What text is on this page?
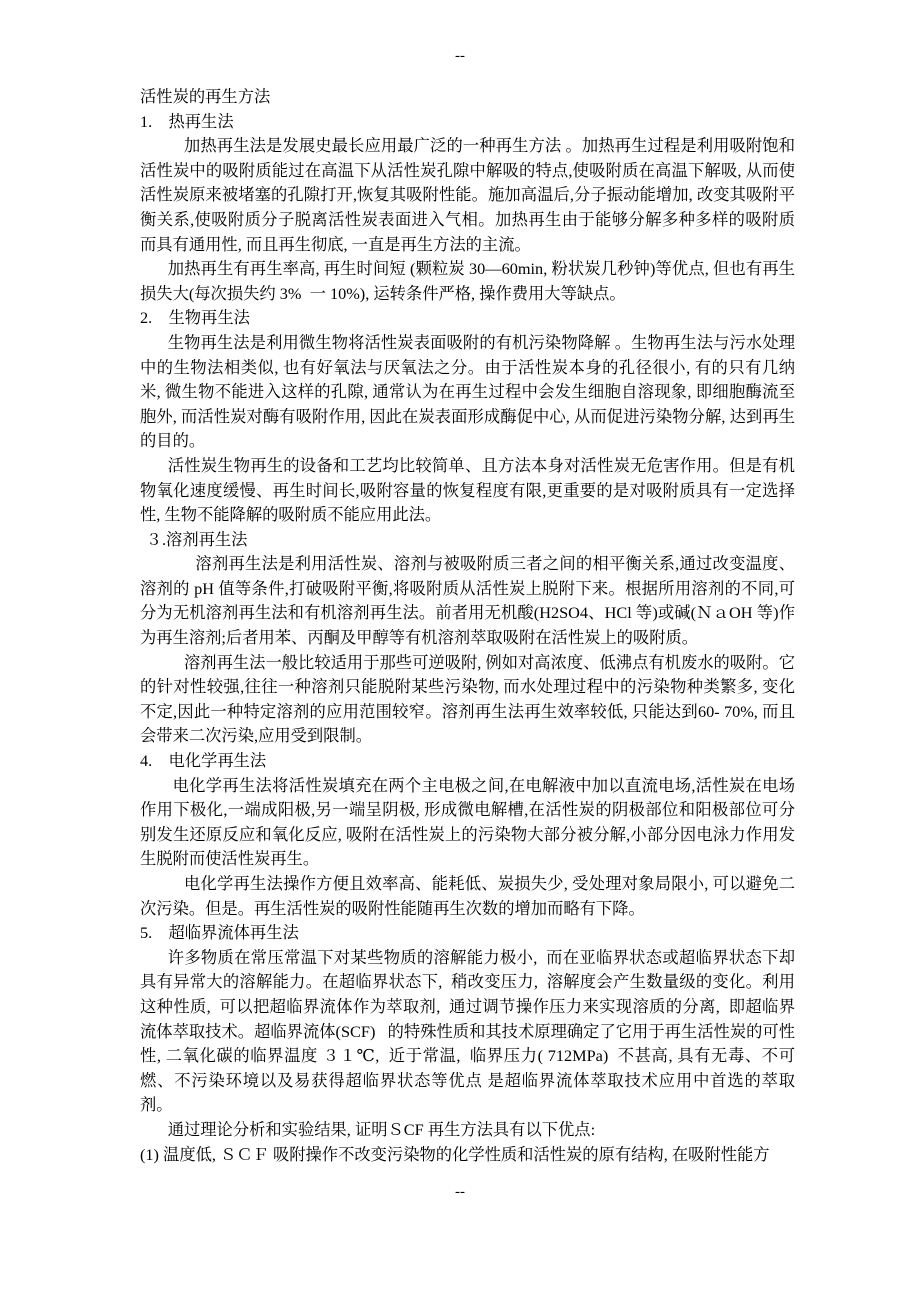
--

活性炭的再生方法

1.　热再生法

加热再生法是发展史最长应用最广泛的一种再生方法 。加热再生过程是利用吸附饱和活性炭中的吸附质能过在高温下从活性炭孔隙中解吸的特点,使吸附质在高温下解吸, 从而使活性炭原来被堵塞的孔隙打开,恢复其吸附性能。施加高温后,分子振动能增加, 改变其吸附平衡关系,使吸附质分子脱离活性炭表面进入气相。加热再生由于能够分解多种多样的吸附质而具有通用性, 而且再生彻底, 一直是再生方法的主流。

加热再生有再生率高, 再生时间短 (颗粒炭 30—60min, 粉状炭几秒钟)等优点, 但也有再生损失大(每次损失约 3%  一 10%), 运转条件严格, 操作费用大等缺点。

2.　生物再生法

生物再生法是利用微生物将活性炭表面吸附的有机污染物降解 。生物再生法与污水处理中的生物法相类似, 也有好氧法与厌氧法之分。由于活性炭本身的孔径很小, 有的只有几纳米, 微生物不能进入这样的孔隙, 通常认为在再生过程中会发生细胞自溶现象, 即细胞酶流至胞外, 而活性炭对酶有吸附作用, 因此在炭表面形成酶促中心, 从而促进污染物分解, 达到再生的目的。

活性炭生物再生的设备和工艺均比较简单、且方法本身对活性炭无危害作用。但是有机物氧化速度缓慢、再生时间长,吸附容量的恢复程度有限,更重要的是对吸附质具有一定选择性, 生物不能降解的吸附质不能应用此法。

３.溶剂再生法

溶剂再生法是利用活性炭、溶剂与被吸附质三者之间的相平衡关系,通过改变温度、溶剂的 pH 值等条件,打破吸附平衡,将吸附质从活性炭上脱附下来。根据所用溶剂的不同,可分为无机溶剂再生法和有机溶剂再生法。前者用无机酸(H2SO4、HCl 等)或碱(ＮａOH 等)作为再生溶剂;后者用苯、丙酮及甲醇等有机溶剂萃取吸附在活性炭上的吸附质。

溶剂再生法一般比较适用于那些可逆吸附, 例如对高浓度、低沸点有机废水的吸附。它的针对性较强,往往一种溶剂只能脱附某些污染物, 而水处理过程中的污染物种类繁多, 变化不定,因此一种特定溶剂的应用范围较窄。溶剂再生法再生效率较低, 只能达到60- 70%, 而且会带来二次污染,应用受到限制。

4.　电化学再生法

电化学再生法将活性炭填充在两个主电极之间,在电解液中加以直流电场,活性炭在电场作用下极化,一端成阳极,另一端呈阴极, 形成微电解槽,在活性炭的阴极部位和阳极部位可分别发生还原反应和氧化反应, 吸附在活性炭上的污染物大部分被分解,小部分因电泳力作用发生脱附而使活性炭再生。

电化学再生法操作方便且效率高、能耗低、炭损失少, 受处理对象局限小, 可以避免二次污染。但是。再生活性炭的吸附性能随再生次数的增加而略有下降。

5.　超临界流体再生法

许多物质在常压常温下对某些物质的溶解能力极小,  而在亚临界状态或超临界状态下却具有异常大的溶解能力。在超临界状态下,  稍改变压力,  溶解度会产生数量级的变化。利用这种性质,  可以把超临界流体作为萃取剂,  通过调节操作压力来实现溶质的分离,  即超临界流体萃取技术。超临界流体(SCF)   的特殊性质和其技术原理确定了它用于再生活性炭的可性性, 二氧化碳的临界温度 ３１℃,  近于常温,  临界压力( 712MPa)  不甚高, 具有无毒、不可燃、不污染环境以及易获得超临界状态等优点 是超临界流体萃取技术应用中首选的萃取剂。

通过理论分析和实验结果, 证明ＳCF 再生方法具有以下优点:

(1) 温度低, ＳＣＦ 吸附操作不改变污染物的化学性质和活性炭的原有结构, 在吸附性能方

--
